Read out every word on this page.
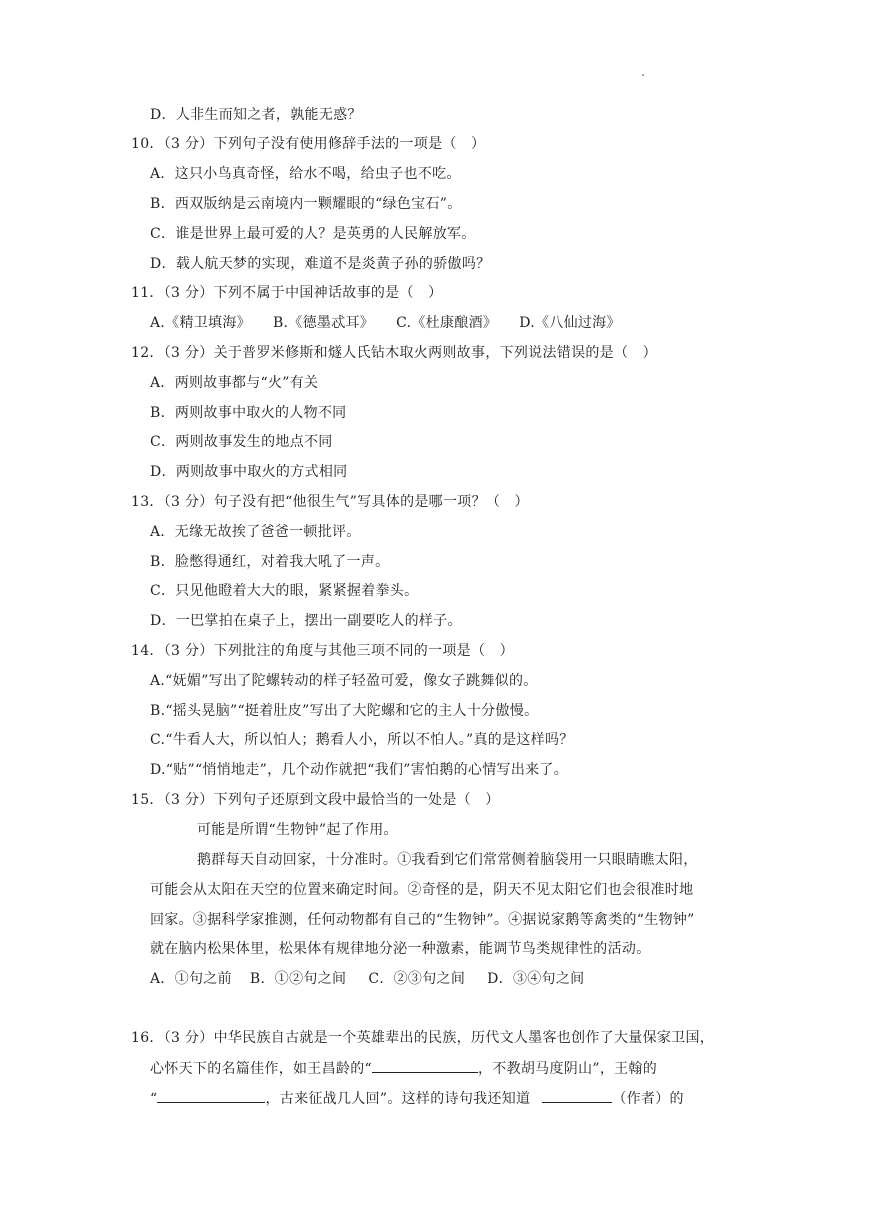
D．人非生而知之者，孰能无惑？
10．（3 分）下列句子没有使用修辞手法的一项是（　）
A．这只小鸟真奇怪，给水不喝，给虫子也不吃。
B．西双版纳是云南境内一颗耀眼的“绿色宝石”。
C．谁是世界上最可爱的人？是英勇的人民解放军。
D．载人航天梦的实现，难道不是炎黄子孙的骄傲吗？
11．（3 分）下列不属于中国神话故事的是（　）
A.《精卫填海》 B.《德墨忒耳》 C.《杜康酿酒》 D.《八仙过海》
12．（3 分）关于普罗米修斯和燧人氏钻木取火两则故事，下列说法错误的是（　）
A．两则故事都与“火”有关
B．两则故事中取火的人物不同
C．两则故事发生的地点不同
D．两则故事中取火的方式相同
13．（3 分）句子没有把“他很生气”写具体的是哪一项？（　）
A．无缘无故挨了爸爸一顿批评。
B．脸憋得通红，对着我大吼了一声。
C．只见他瞪着大大的眼，紧紧握着拳头。
D．一巴掌拍在桌子上，摆出一副要吃人的样子。
14．（3 分）下列批注的角度与其他三项不同的一项是（　）
A.“妩媚”写出了陀螺转动的样子轻盈可爱，像女子跳舞似的。
B.“摇头晃脑”“挺着肚皮”写出了大陀螺和它的主人十分傲慢。
C.“牛看人大，所以怕人；鹅看人小，所以不怕人。”真的是这样吗？
D.“贴”“悄悄地走”，几个动作就把“我们”害怕鹅的心情写出来了。
15．（3 分）下列句子还原到文段中最恰当的一处是（　）
可能是所谓“生物钟”起了作用。
鹅群每天自动回家，十分准时。①我看到它们常常侧着脑袋用一只眼睛瞧太阳，
可能会从太阳在天空的位置来确定时间。②奇怪的是，阴天不见太阳它们也会很准时地
回家。③据科学家推测，任何动物都有自己的“生物钟”。④据说家鹅等禽类的“生物钟”
就在脑内松果体里，松果体有规律地分泌一种激素，能调节鸟类规律性的活动。
A．①句之前 B．①②句之间 C．②③句之间 D．③④句之间
16．（3 分）中华民族自古就是一个英雄辈出的民族，历代文人墨客也创作了大量保家卫国，
心怀天下的名篇佳作，如王昌龄的“	，不教胡马度阴山”，王翰的
“	，古来征战几人回”。这样的诗句我还知道	（作者）的
